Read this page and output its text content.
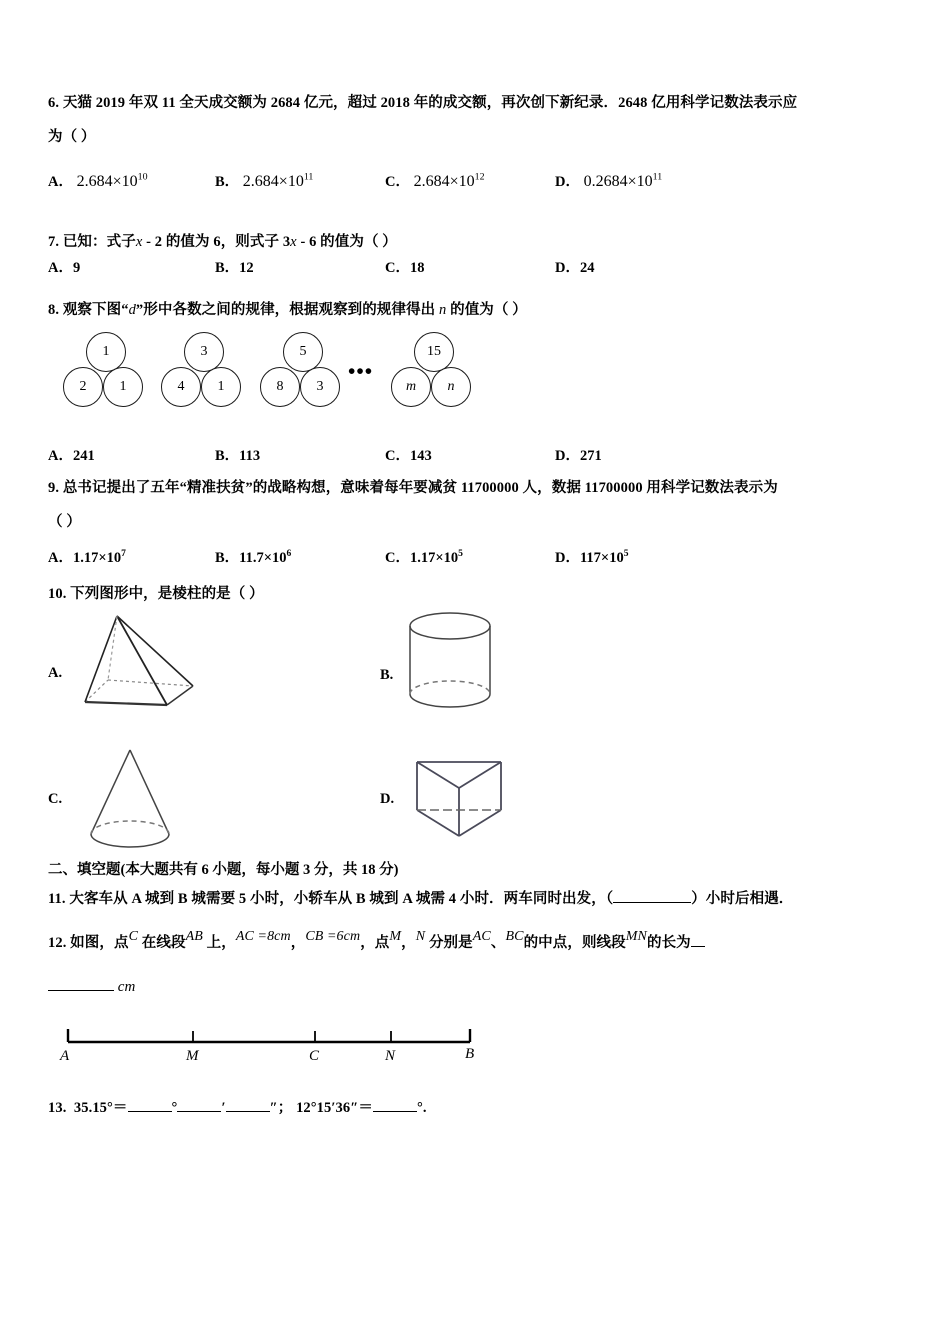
6. 天猫 2019 年双 11 全天成交额为 2684 亿元，超过 2018 年的成交额，再次创下新纪录．2648 亿用科学记数法表示应
为（ ）
A． $2.684\times 10^{10}$	B． $2.684\times 10^{11}$	C． $2.684\times 10^{12}$	D． $0.2684\times 10^{11}$
7. 已知：式子x - 2 的值为 6，则式子 3x - 6 的值为（ ）
A．9	B．12	C．18	D．24
8. 观察下图“d”形中各数之间的规律，根据观察到的规律得出 n 的值为（ ）
1
2	1
3
4	1
5
8	3
•••
15
m	n
A．241	B．113	C．143	D．271
9. 总书记提出了五年“精准扶贫”的战略构想，意味着每年要减贫 11700000 人，数据 11700000 用科学记数法表示为
（ ）
A．$1.17\times 10^7$	B．$11.7\times 10^6$	C．$1.17\times 10^5$	D．$117\times 10^5$
10. 下列图形中，是棱柱的是（ ）
A.	B.
C.	D.
二、填空题(本大题共有 6 小题，每小题 3 分，共 18 分)
11. 大客车从 A 城到 B 城需要 5 小时，小轿车从 B 城到 A 城需 4 小时．两车同时出发，（	）小时后相遇．
12. 如图，点C 在线段AB 上，AC =8cm，CB =6cm，点M，N 分别是AC、BC的中点，则线段MN的长为
cm
A	M	C	N	B
13. 35.15°＝	°	′	″； 12°15′36″＝	°.
